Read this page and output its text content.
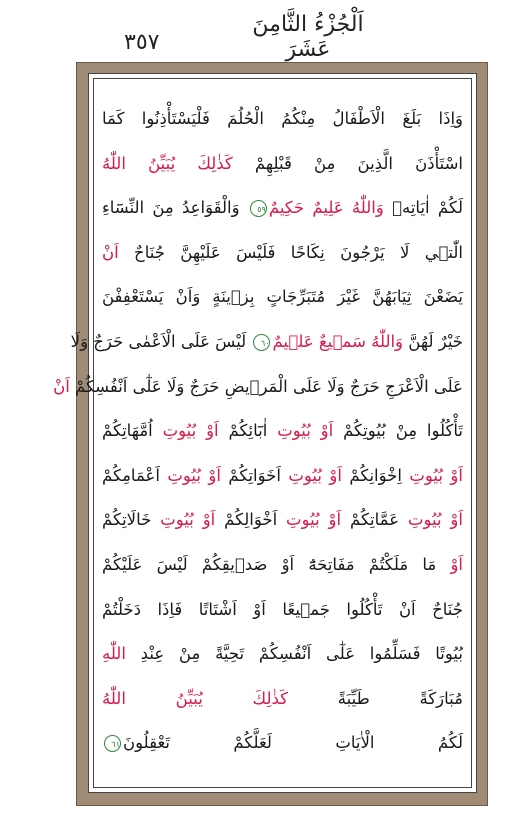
٣٥٧
اَلْجُزْءُ الثَّامِنَ عَشَرَ
وَاِذَا بَلَغَ الْاَطْفَالُ مِنْكُمُ الْحُلُمَ فَلْيَسْتَأْذِنُوا كَمَا
اسْتَأْذَنَ الَّذِينَ مِنْ قَبْلِهِمْ كَذٰلِكَ يُبَيِّنُ اللّٰهُ
لَكُمْ اٰيَاتِه۪ وَاللّٰهُ عَلِيمٌ حَكِيمٌ٥٩ وَالْقَوَاعِدُ مِنَ النِّسَٓاءِ
الّٰت۪ي لَا يَرْجُونَ نِكَاحًا فَلَيْسَ عَلَيْهِنَّ جُنَاحٌ اَنْ
يَضَعْنَ ثِيَابَهُنَّ غَيْرَ مُتَبَرِّجَاتٍ بِز۪ينَةٍ وَاَنْ يَسْتَعْفِفْنَ
خَيْرٌ لَهُنَّ وَاللّٰهُ سَم۪يعٌ عَل۪يمٌ٦٠ لَيْسَ عَلَى الْاَعْمٰى حَرَجٌ وَلَا
عَلَى الْاَعْرَجِ حَرَجٌ وَلَا عَلَى الْمَر۪يضِ حَرَجٌ وَلَا عَلٰٓى اَنْفُسِكُمْ اَنْ
تَأْكُلُوا مِنْ بُيُوتِكُمْ اَوْ بُيُوتِ اٰبَٓائِكُمْ اَوْ بُيُوتِ اُمَّهَاتِكُمْ
اَوْ بُيُوتِ اِخْوَانِكُمْ اَوْ بُيُوتِ اَخَوَاتِكُمْ اَوْ بُيُوتِ اَعْمَامِكُمْ
اَوْ بُيُوتِ عَمَّاتِكُمْ اَوْ بُيُوتِ اَخْوَالِكُمْ اَوْ بُيُوتِ خَالَاتِكُمْ
اَوْ مَا مَلَكْتُمْ مَفَاتِحَهُٓ اَوْ صَد۪يقِكُمْ لَيْسَ عَلَيْكُمْ
جُنَاحٌ اَنْ تَأْكُلُوا جَم۪يعًا اَوْ اَشْتَاتًا فَاِذَا دَخَلْتُمْ
بُيُوتًا فَسَلِّمُوا عَلٰٓى اَنْفُسِكُمْ تَحِيَّةً مِنْ عِنْدِ اللّٰهِ
مُبَارَكَةً طَيِّبَةً كَذٰلِكَ يُبَيِّنُ اللّٰهُ
لَكُمُ الْاٰيَاتِ لَعَلَّكُمْ تَعْقِلُونَ٦١
